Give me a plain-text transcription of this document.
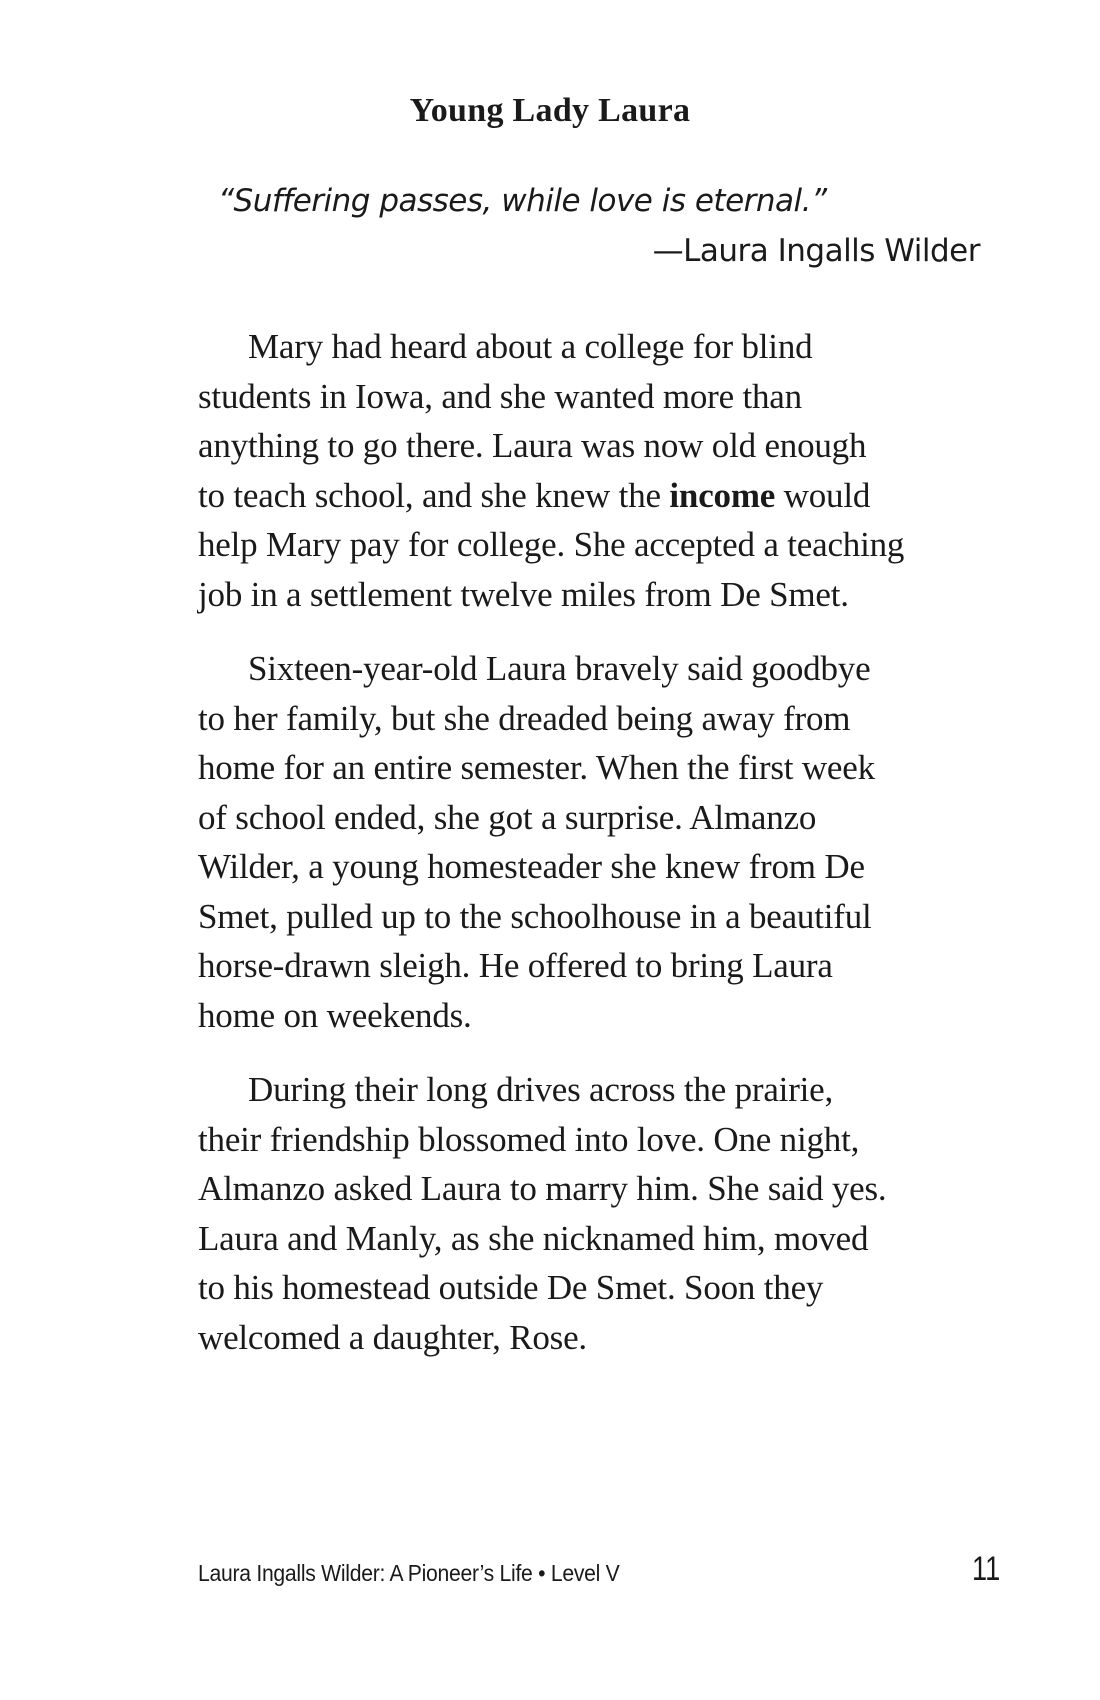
Young Lady Laura
“Suffering passes, while love is eternal.”
—Laura Ingalls Wilder

Mary had heard about a college for blind
students in Iowa, and she wanted more than
anything to go there. Laura was now old enough
to teach school, and she knew the income would
help Mary pay for college. She accepted a teaching
job in a settlement twelve miles from De Smet.

Sixteen-year-old Laura bravely said goodbye
to her family, but she dreaded being away from
home for an entire semester. When the first week
of school ended, she got a surprise. Almanzo
Wilder, a young homesteader she knew from De
Smet, pulled up to the schoolhouse in a beautiful
horse-drawn sleigh. He offered to bring Laura
home on weekends.

During their long drives across the prairie,
their friendship blossomed into love. One night,
Almanzo asked Laura to marry him. She said yes.
Laura and Manly, as she nicknamed him, moved
to his homestead outside De Smet. Soon they
welcomed a daughter, Rose.

Laura Ingalls Wilder: A Pioneer’s Life • Level V	11
